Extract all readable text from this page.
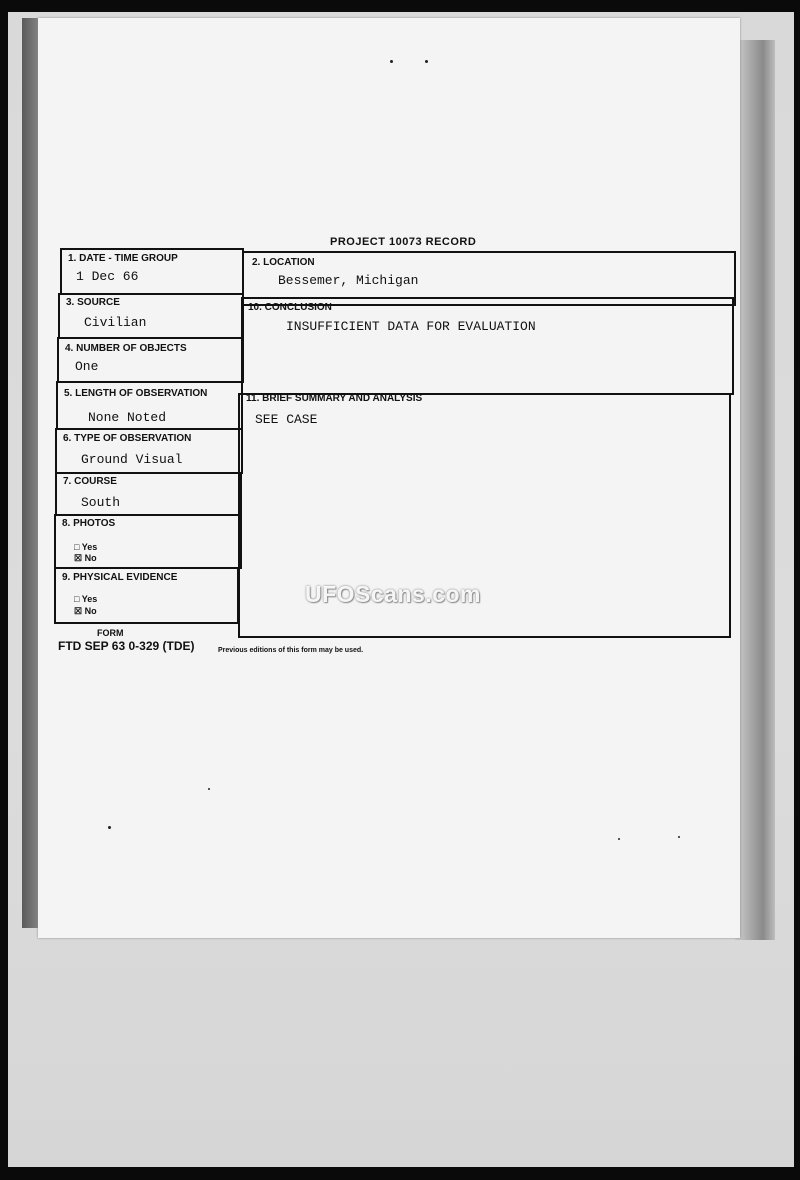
PROJECT 10073 RECORD
1. DATE - TIME GROUP
1 Dec 66
3. SOURCE
Civilian
4. NUMBER OF OBJECTS
One
5. LENGTH OF OBSERVATION
None Noted
6. TYPE OF OBSERVATION
Ground Visual
7. COURSE
South
8. PHOTOS
□ Yes
☒ No
9. PHYSICAL EVIDENCE
□ Yes
☒ No
2. LOCATION
Bessemer, Michigan
10. CONCLUSION
INSUFFICIENT DATA FOR EVALUATION
11. BRIEF SUMMARY AND ANALYSIS
SEE CASE
UFOScans.com
FORM
FTD SEP 63 0-329 (TDE)	Previous editions of this form may be used.
